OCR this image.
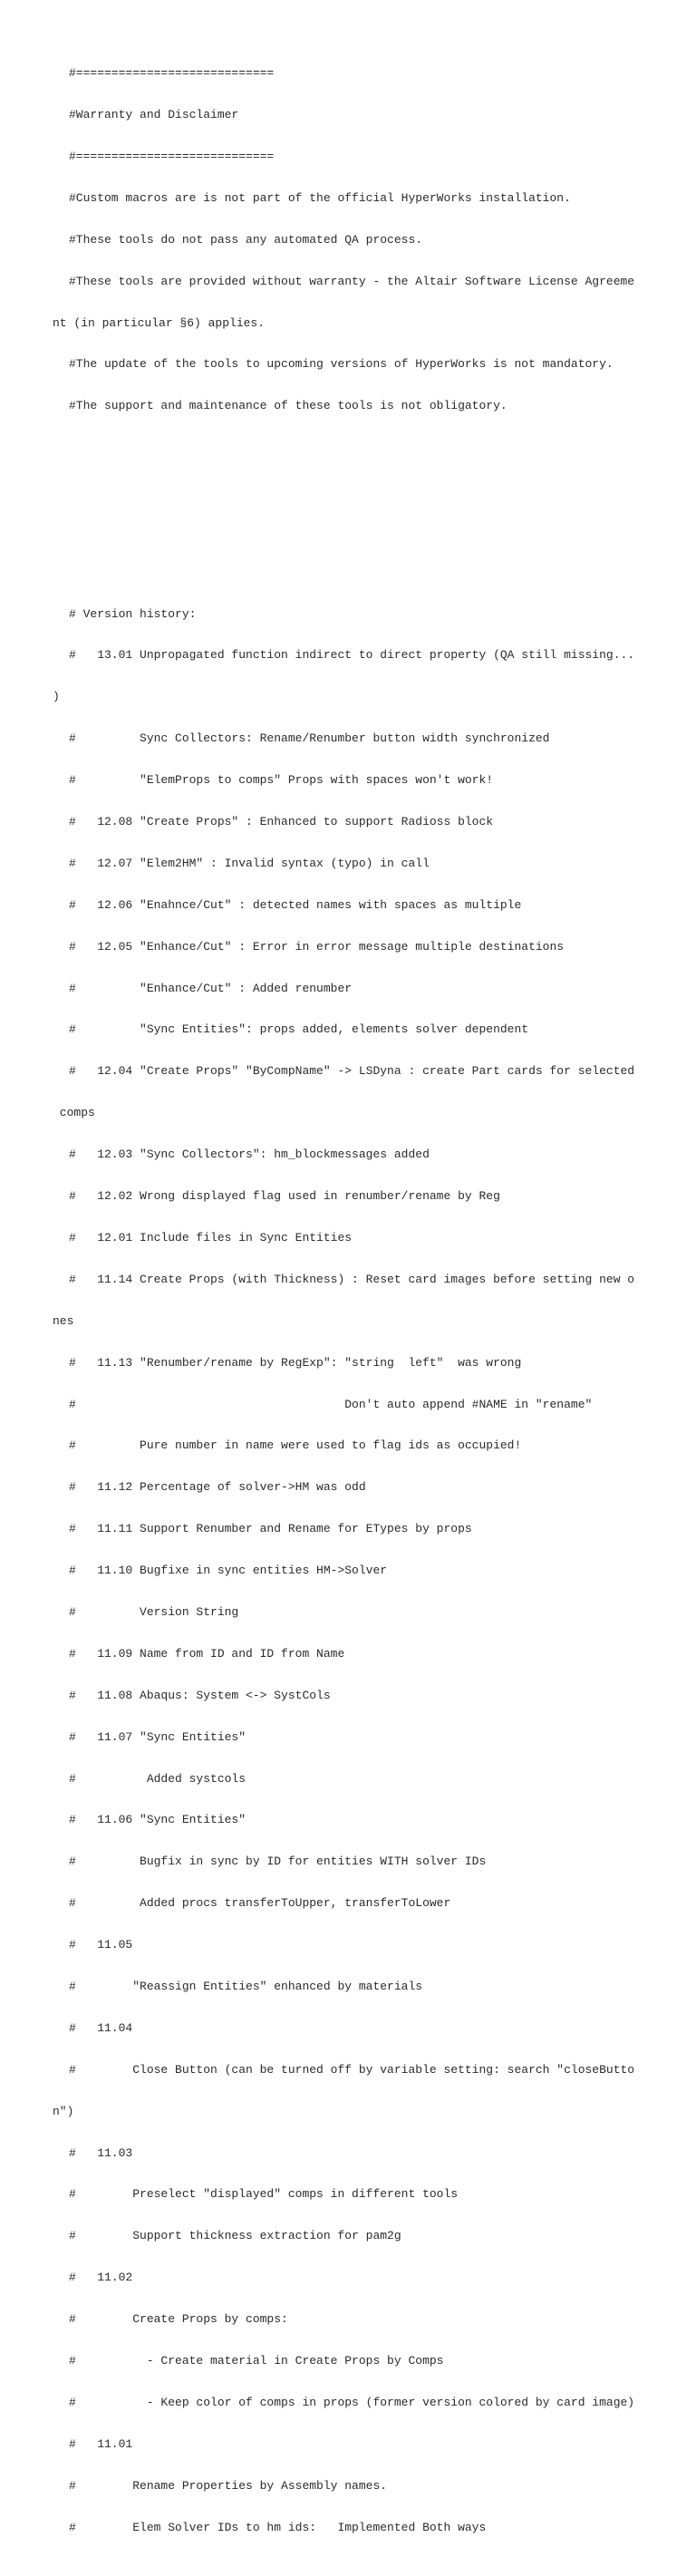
#============================

#Warranty and Disclaimer

#============================

#Custom macros are is not part of the official HyperWorks installation.

#These tools do not pass any automated QA process.

#These tools are provided without warranty - the Altair Software License Agreeme

nt (in particular §6) applies.

#The update of the tools to upcoming versions of HyperWorks is not mandatory.

#The support and maintenance of these tools is not obligatory.

# Version history:

#   13.01 Unpropagated function indirect to direct property (QA still missing...

)

#         Sync Collectors: Rename/Renumber button width synchronized

#         "ElemProps to comps" Props with spaces won't work!

#   12.08 "Create Props" : Enhanced to support Radioss block

#   12.07 "Elem2HM" : Invalid syntax (typo) in call

#   12.06 "Enahnce/Cut" : detected names with spaces as multiple

#   12.05 "Enhance/Cut" : Error in error message multiple destinations

#         "Enhance/Cut" : Added renumber

#         "Sync Entities": props added, elements solver dependent

#   12.04 "Create Props" "ByCompName" -> LSDyna : create Part cards for selected

comps

#   12.03 "Sync Collectors": hm_blockmessages added

#   12.02 Wrong displayed flag used in renumber/rename by Reg

#   12.01 Include files in Sync Entities

#   11.14 Create Props (with Thickness) : Reset card images before setting new o

nes

#   11.13 "Renumber/rename by RegExp": "string  left"  was wrong

#                                      Don't auto append #NAME in "rename"

#         Pure number in name were used to flag ids as occupied!

#   11.12 Percentage of solver->HM was odd

#   11.11 Support Renumber and Rename for ETypes by props

#   11.10 Bugfixe in sync entities HM->Solver

#         Version String

#   11.09 Name from ID and ID from Name

#   11.08 Abaqus: System <-> SystCols

#   11.07 "Sync Entities"

#          Added systcols

#   11.06 "Sync Entities"

#         Bugfix in sync by ID for entities WITH solver IDs

#         Added procs transferToUpper, transferToLower

#   11.05

#        "Reassign Entities" enhanced by materials

#   11.04

#        Close Button (can be turned off by variable setting: search "closeButto

n")

#   11.03

#        Preselect "displayed" comps in different tools

#        Support thickness extraction for pam2g

#   11.02

#        Create Props by comps:

#          - Create material in Create Props by Comps

#          - Keep color of comps in props (former version colored by card image)

#   11.01

#        Rename Properties by Assembly names.

#        Elem Solver IDs to hm ids:   Implemented Both ways
